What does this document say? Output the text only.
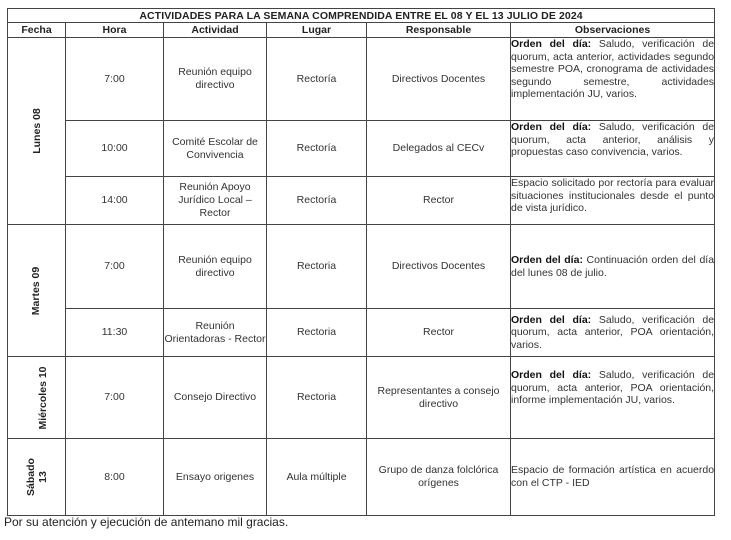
ACTIVIDADES PARA LA SEMANA COMPRENDIDA ENTRE EL 08 Y EL 13 JULIO DE 2024					
Fecha	Hora	Actividad	Lugar	Responsable	Observaciones
Lunes 08	7:00	Reunión equipo directivo	Rectoría	Directivos Docentes	Orden del día: Saludo, verificación de quorum, acta anterior, actividades segundo semestre POA, cronograma de actividades segundo semestre, actividades implementación JU, varios.
	10:00	Comité Escolar de Convivencia	Rectoría	Delegados al CECv	Orden del día: Saludo, verificación de quorum, acta anterior, análisis y propuestas caso convivencia, varios.
	14:00	Reunión Apoyo Jurídico Local – Rector	Rectoría	Rector	Espacio solicitado por rectoría para evaluar situaciones institucionales desde el punto de vista jurídico.
Martes 09	7:00	Reunión equipo directivo	Rectoria	Directivos Docentes	Orden del día: Continuación orden del día del lunes 08 de julio.
	11:30	Reunión Orientadoras - Rector	Rectoria	Rector	Orden del día: Saludo, verificación de quorum, acta anterior, POA orientación, varios.
Miércoles 10	7:00	Consejo Directivo	Rectoria	Representantes a consejo directivo	Orden del día: Saludo, verificación de quorum, acta anterior, POA orientación, informe implementación JU, varios.
Sábado 13	8:00	Ensayo origenes	Aula múltiple	Grupo de danza folclórica orígenes	Espacio de formación artística en acuerdo con el CTP - IED
Por su atención y ejecución de antemano mil gracias.
